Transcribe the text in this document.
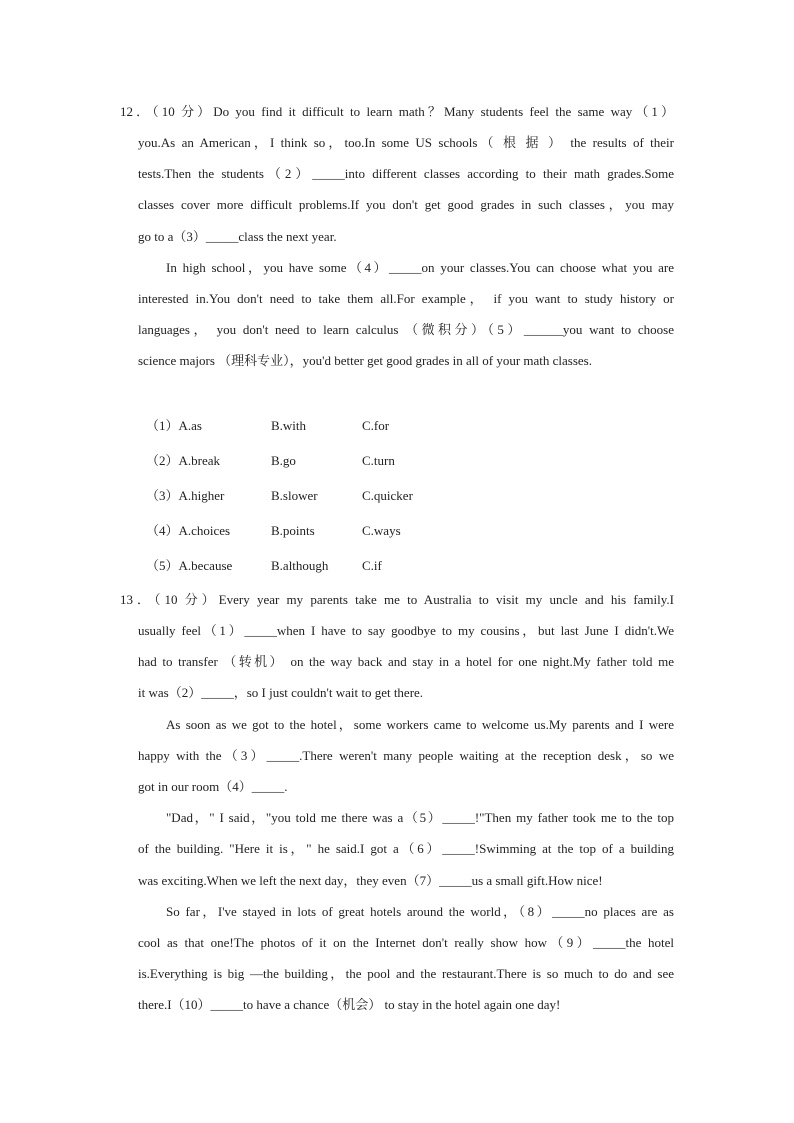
12．（10 分）Do you find it difficult to learn math？Many students feel the same way（1）
you.As an American，I think so，too.In some US schools（ 根 据 ） the results of their
tests.Then the students（2）_____into different classes according to their math grades.Some
classes cover more difficult problems.If you don't get good grades in such classes，you may
go to a（3）_____class the next year.
In high school，you have some（4）_____on your classes.You can choose what you are
interested in.You don't need to take them all.For example， if you want to study history or
languages， you don't need to learn calculus （微积分）（5）______you want to choose
science majors （理科专业），you'd better get good grades in all of your math classes.
（1）A.as	B.with	C.for
（2）A.break	B.go	C.turn
（3）A.higher	B.slower	C.quicker
（4）A.choices	B.points	C.ways
（5）A.because	B.although	C.if
13．（10 分）Every year my parents take me to Australia to visit my uncle and his family.I
usually feel（1）_____when I have to say goodbye to my cousins，but last June I didn't.We
had to transfer （转机） on the way back and stay in a hotel for one night.My father told me
it was（2）_____，so I just couldn't wait to get there.
As soon as we got to the hotel，some workers came to welcome us.My parents and I were
happy with the（3）_____.There weren't many people waiting at the reception desk，so we
got in our room（4）_____.
"Dad，" I said，"you told me there was a（5）_____!"Then my father took me to the top
of the building. "Here it is，" he said.I got a（6）_____!Swimming at the top of a building
was exciting.When we left the next day，they even（7）_____us a small gift.How nice!
So far，I've stayed in lots of great hotels around the world，（8）_____no places are as
cool as that one!The photos of it on the Internet don't really show how（9）_____the hotel
is.Everything is big —the building，the pool and the restaurant.There is so much to do and see
there.I（10）_____to have a chance（机会） to stay in the hotel again one day!
